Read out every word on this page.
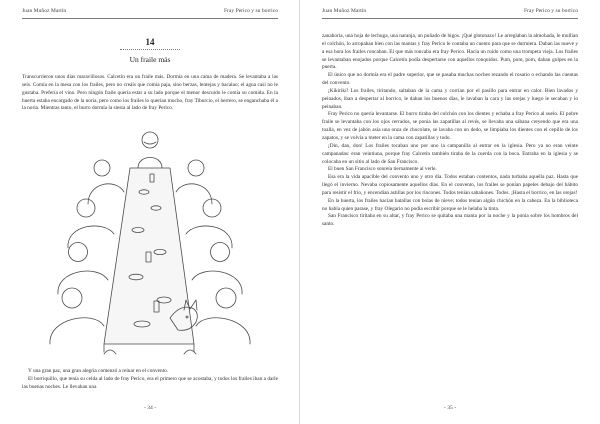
Juan Muñoz Martín	Fray Perico y su borrico
14
Un fraile más

Transcurrieron unos días maravillosos. Calcetín era un fraile más. Dormía en una cama de madera. Se levantaba a las seis. Comía en la mesa con los frailes, pero no creáis que comía paja, sino berzas, lentejas y bacalao; el agua casi no le gustaba. Prefería el vino. Pero ningún fraile quería estar a su lado porque el menor descuido le comía su comida. En la huerta estaba encargado de la noria, pero como los frailes lo querían mucho, fray Tiburcio, el herrero, se enganchaba él a la noria. Mientras tanto, el burro dormía la siesta al lado de fray Perico.

Y una gran paz, una gran alegría comenzó a reinar en el convento.

El borriquillo, que tenía su celda al lado de fray Perico, era el primero que se acostaba, y todos los frailes iban a darle las buenas noches. Le llevaban una

- 34 -
Juan Muñoz Martín	Fray Perico y su borrico

zanahoria, una hoja de lechuga, una naranja, un puñado de higos. ¡Qué glotonazo! Le arreglaban la almohada, le mullían el colchón, lo arropaban bien con las mantas y fray Perico le contaba un cuento para que se durmiera. Daban las nueve y a esa hora los frailes roncaban. El que más roncaba era fray Perico. Hacía un ruido como una trompeta vieja. Los frailes se levantaban enojados porque Calcetín podía despertarse con aquellos ronquidos. Pum, pom, pom, daban golpes en la puerta.

El único que no dormía era el padre superior, que se pasaba muchas noches rezando el rosario o echando las cuentas del convento.

¡Kikirikí! Los frailes, tiritando, saltaban de la cama y corrían por el pasillo para entrar en calor. Bien lavados y peinados, iban a despertar al borrico, le daban los buenos días, le lavaban la cara y las orejas y luego le secaban y lo peinaban.

Fray Perico no quería levantarse. El burro tiraba del colchón con los dientes y echaba a fray Perico al suelo. El pobre fraile se levantaba con los ojos cerrados, se ponía las zapatillas al revés, se llevaba una sábana creyendo que era una toalla, en vez de jabón asía una onza de chocolate, se lavaba con un dedo, se limpiaba los dientes con el cepillo de los zapatos, y se volvía a meter en la cama con zapatillas y todo.

¡Din, dan, don! Los frailes tocaban uno por uno la campanilla al entrar en la iglesia. Pero ya no eran veinte campanadas: eran veintiuna, porque fray Calcetín también tiraba de la cuerda con la boca. Entraba en la iglesia y se colocaba en un sitio al lado de San Francisco.

El buen San Francisco sonreía tiernamente al verle.

Esa era la vida apacible del convento uno y otro día. Todos estaban contentos, nada turbaba aquella paz. Hasta que llegó el invierno. Nevaba copiosamente aquellos días. En el convento, los frailes se ponían papeles debajo del hábito para resistir el frío, y encendían astillas por los rincones. Todos tenían sabañones. Todos. ¡Hasta el borrico, en las orejas!

En la huerta, los frailes hacían batallas con bolas de nieve; todos tenían algún chichón en la cabeza. En la biblioteca no había quien parase, y fray Olegario no podía escribir porque se le helaba la tinta.

San Francisco tiritaba en su altar, y fray Perico se quitaba una manta por la noche y la ponía sobre los hombros del santo.

- 35 -
